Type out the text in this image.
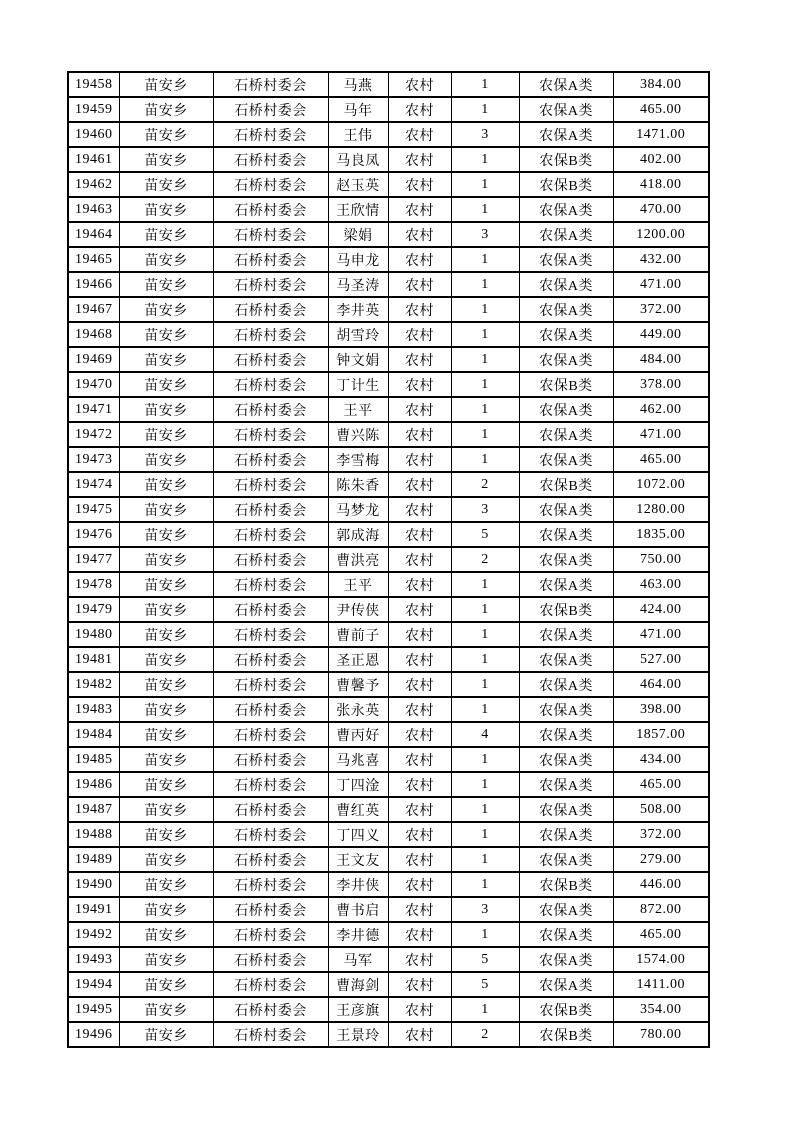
19458	苗安乡	石桥村委会	马燕	农村	1	农保A类	384.00
19459	苗安乡	石桥村委会	马年	农村	1	农保A类	465.00
19460	苗安乡	石桥村委会	王伟	农村	3	农保A类	1471.00
19461	苗安乡	石桥村委会	马良凤	农村	1	农保B类	402.00
19462	苗安乡	石桥村委会	赵玉英	农村	1	农保B类	418.00
19463	苗安乡	石桥村委会	王欣情	农村	1	农保A类	470.00
19464	苗安乡	石桥村委会	梁娟	农村	3	农保A类	1200.00
19465	苗安乡	石桥村委会	马申龙	农村	1	农保A类	432.00
19466	苗安乡	石桥村委会	马圣涛	农村	1	农保A类	471.00
19467	苗安乡	石桥村委会	李井英	农村	1	农保A类	372.00
19468	苗安乡	石桥村委会	胡雪玲	农村	1	农保A类	449.00
19469	苗安乡	石桥村委会	钟文娟	农村	1	农保A类	484.00
19470	苗安乡	石桥村委会	丁计生	农村	1	农保B类	378.00
19471	苗安乡	石桥村委会	王平	农村	1	农保A类	462.00
19472	苗安乡	石桥村委会	曹兴陈	农村	1	农保A类	471.00
19473	苗安乡	石桥村委会	李雪梅	农村	1	农保A类	465.00
19474	苗安乡	石桥村委会	陈朱香	农村	2	农保B类	1072.00
19475	苗安乡	石桥村委会	马梦龙	农村	3	农保A类	1280.00
19476	苗安乡	石桥村委会	郭成海	农村	5	农保A类	1835.00
19477	苗安乡	石桥村委会	曹洪亮	农村	2	农保A类	750.00
19478	苗安乡	石桥村委会	王平	农村	1	农保A类	463.00
19479	苗安乡	石桥村委会	尹传侠	农村	1	农保B类	424.00
19480	苗安乡	石桥村委会	曹前子	农村	1	农保A类	471.00
19481	苗安乡	石桥村委会	圣正恩	农村	1	农保A类	527.00
19482	苗安乡	石桥村委会	曹馨予	农村	1	农保A类	464.00
19483	苗安乡	石桥村委会	张永英	农村	1	农保A类	398.00
19484	苗安乡	石桥村委会	曹丙好	农村	4	农保A类	1857.00
19485	苗安乡	石桥村委会	马兆喜	农村	1	农保A类	434.00
19486	苗安乡	石桥村委会	丁四淦	农村	1	农保A类	465.00
19487	苗安乡	石桥村委会	曹红英	农村	1	农保A类	508.00
19488	苗安乡	石桥村委会	丁四义	农村	1	农保A类	372.00
19489	苗安乡	石桥村委会	王文友	农村	1	农保A类	279.00
19490	苗安乡	石桥村委会	李井侠	农村	1	农保B类	446.00
19491	苗安乡	石桥村委会	曹书启	农村	3	农保A类	872.00
19492	苗安乡	石桥村委会	李井德	农村	1	农保A类	465.00
19493	苗安乡	石桥村委会	马军	农村	5	农保A类	1574.00
19494	苗安乡	石桥村委会	曹海剑	农村	5	农保A类	1411.00
19495	苗安乡	石桥村委会	王彦旗	农村	1	农保B类	354.00
19496	苗安乡	石桥村委会	王景玲	农村	2	农保B类	780.00
